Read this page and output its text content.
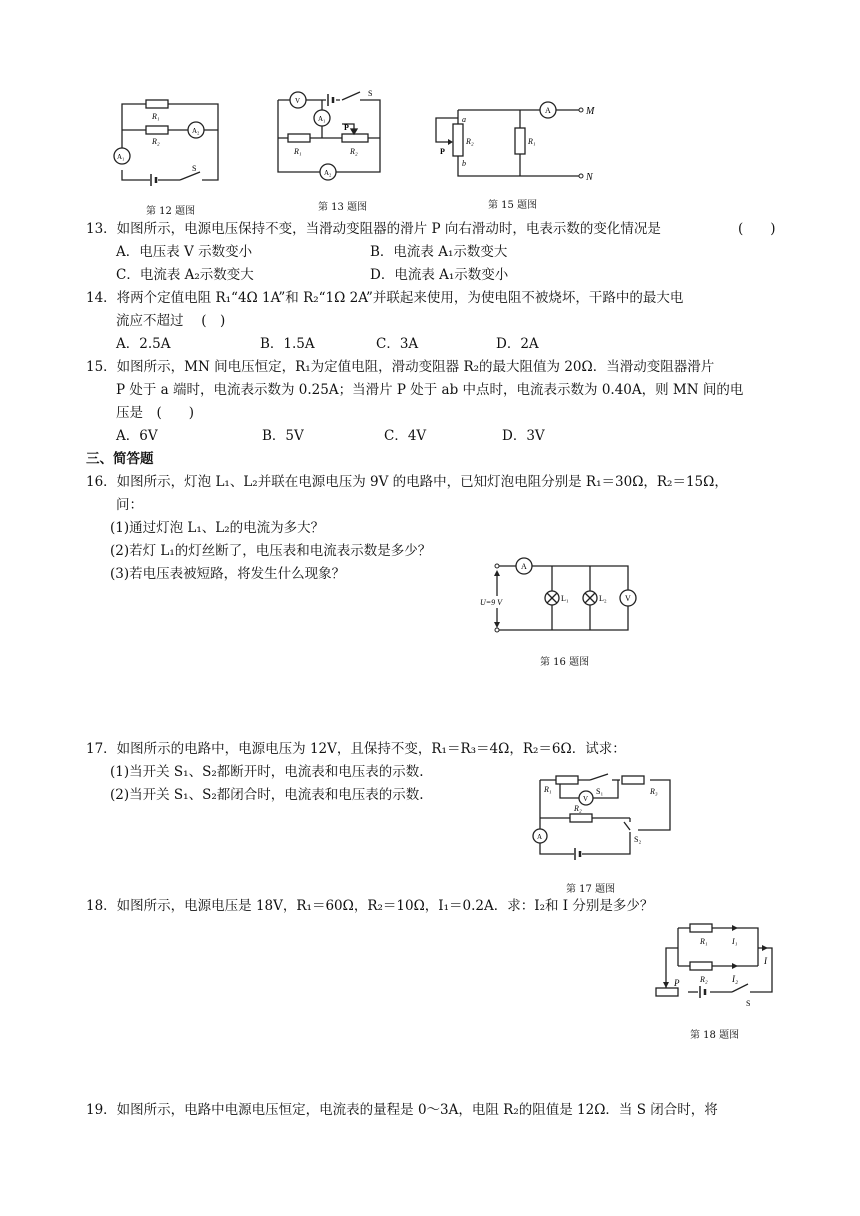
R₁
R₂
A₂
A₁
S
第 12 题图
V
S
A₁
P
R₁	R₂
A₂
第 13 题图
A	M
N
a
b
P
R₂	R₁
第 15 题图
13．如图所示，电源电压保持不变，当滑动变阻器的滑片 P 向右滑动时，电表示数的变化情况是	(　　)
A．电压表 V 示数变小	B．电流表 A₁示数变大
C．电流表 A₂示数变大	D．电流表 A₁示数变小
14．将两个定值电阻 R₁“4Ω 1A”和 R₂“1Ω 2A”并联起来使用，为使电阻不被烧坏，干路中的最大电
流应不超过　 (　)
A．2.5A	B．1.5A	C．3A	D．2A
15．如图所示，MN 间电压恒定，R₁为定值电阻，滑动变阻器 R₂的最大阻值为 20Ω．当滑动变阻器滑片
P 处于 a 端时，电流表示数为 0.25A；当滑片 P 处于 ab 中点时，电流表示数为 0.40A，则 MN 间的电
压是　(　　)
A．6V	B．5V	C．4V	D．3V
三、简答题
16．如图所示，灯泡 L₁、L₂并联在电源电压为 9V 的电路中，已知灯泡电阻分别是 R₁＝30Ω，R₂＝15Ω，
问：
(1)通过灯泡 L₁、L₂的电流为多大？
(2)若灯 L₁的灯丝断了，电压表和电流表示数是多少？
(3)若电压表被短路，将发生什么现象？	A
U=9 V	L₁	L₂ V
第 16 题图
17．如图所示的电路中，电源电压为 12V，且保持不变，R₁＝R₃＝4Ω，R₂＝6Ω．试求：
(1)当开关 S₁、S₂都断开时，电流表和电压表的示数.
(2)当开关 S₁、S₂都闭合时，电流表和电压表的示数.	R₁	S₁	R₃
V
R₂
S₂
A
第 17 题图
18．如图所示，电源电压是 18V，R₁＝60Ω，R₂＝10Ω，I₁＝0.2A．求：I₂和 I 分别是多少？
R₁	I₁
R₂	I₂
I
P
S
第 18 题图
19．如图所示，电路中电源电压恒定，电流表的量程是 0～3A，电阻 R₂的阻值是 12Ω．当 S 闭合时，将
